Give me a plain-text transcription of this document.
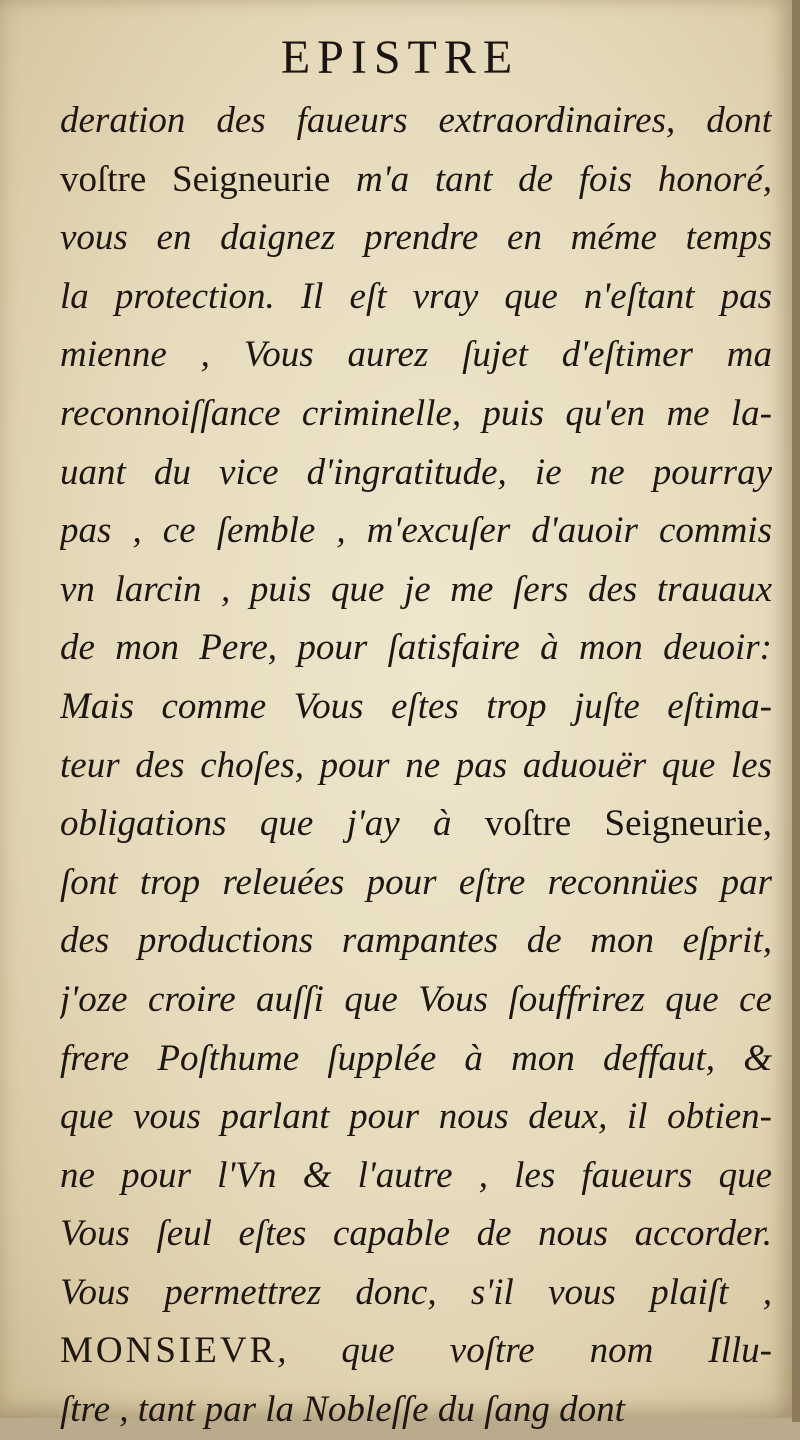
EPISTRE
deration des faueurs extraordinaires, dont
voſtre Seigneurie m'a tant de fois honoré,
vous en daignez prendre en méme temps
la protection. Il eſt vray que n'eſtant pas
mienne , Vous aurez ſujet d'eſtimer ma
reconnoiſſance criminelle, puis qu'en me la-
uant du vice d'ingratitude, ie ne pourray
pas , ce ſemble , m'excuſer d'auoir commis
vn larcin , puis que je me ſers des trauaux
de mon Pere, pour ſatisfaire à mon deuoir:
Mais comme Vous eſtes trop juſte eſtima-
teur des choſes, pour ne pas aduouër que les
obligations que j'ay à voſtre Seigneurie,
ſont trop releuées pour eſtre reconnües par
des productions rampantes de mon eſprit,
j'oze croire auſſi que Vous ſouffrirez que ce
frere Poſthume ſupplée à mon deffaut, &
que vous parlant pour nous deux, il obtien-
ne pour l'Vn & l'autre , les faueurs que
Vous ſeul eſtes capable de nous accorder.
Vous permettrez donc, s'il vous plaiſt ,
MONSIEVR, que voſtre nom Illu-
ſtre , tant par la Nobleſſe du ſang dont
